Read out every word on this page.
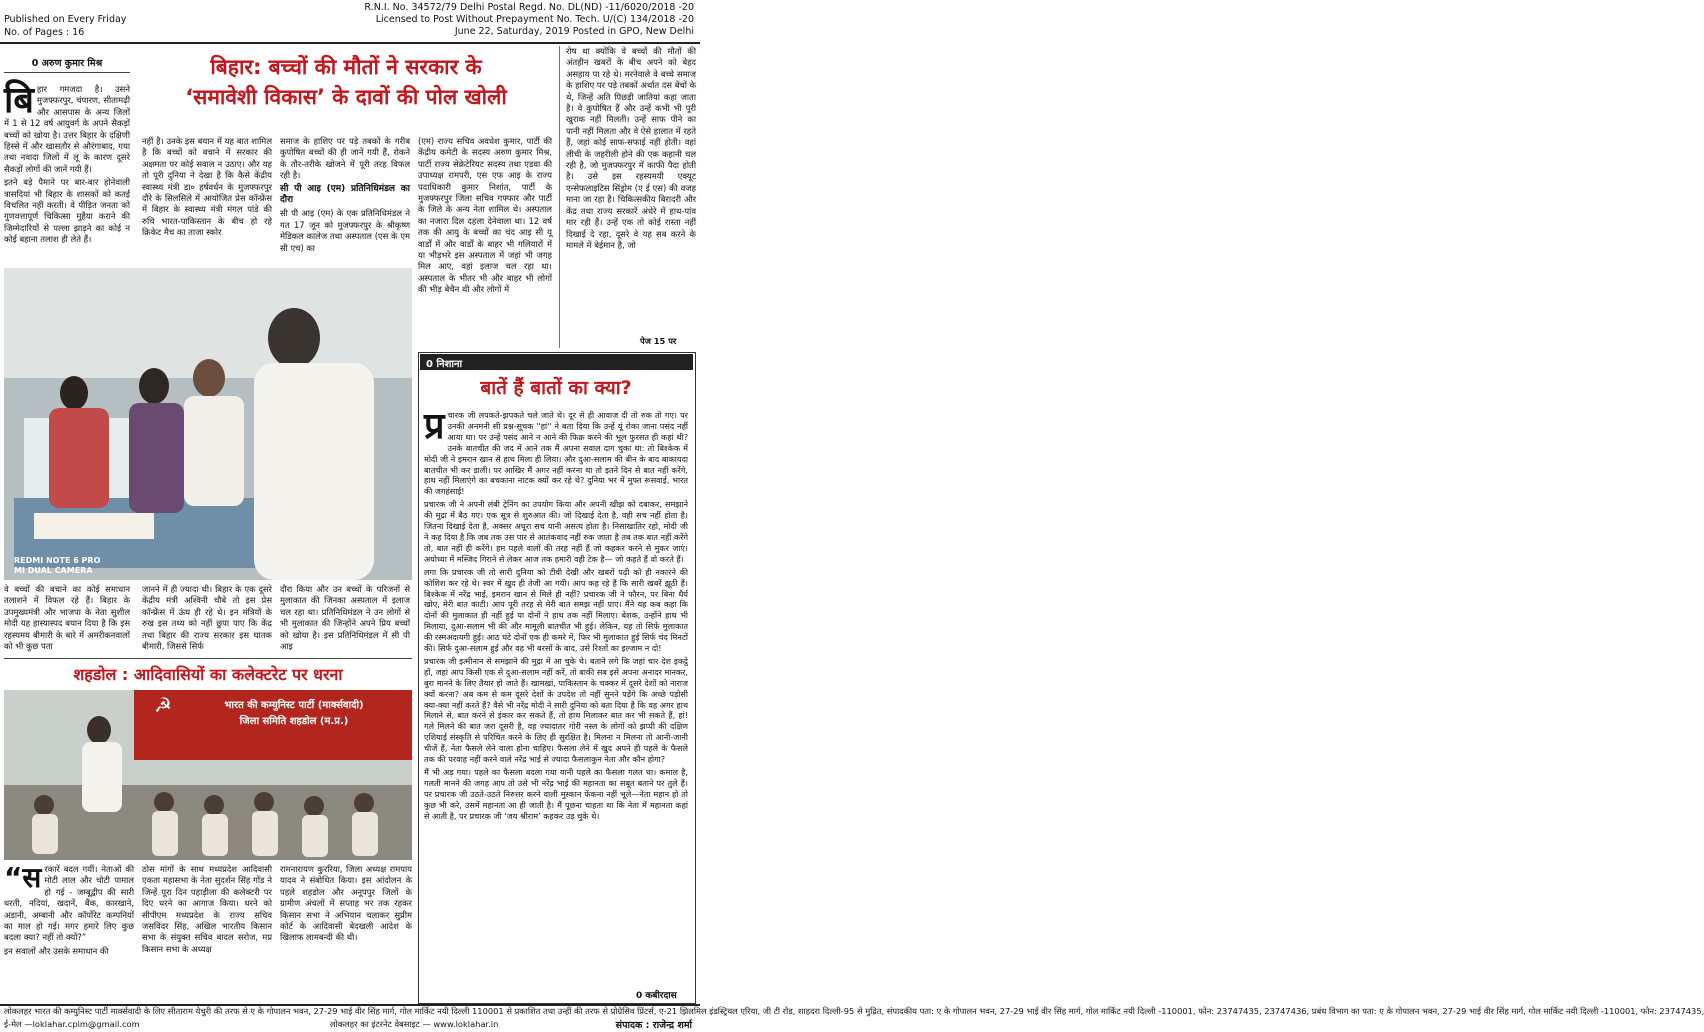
Published on Every Friday
No. of Pages : 16
R.N.I. No. 34572/79 Delhi Postal Regd. No. DL(ND) -11/6020/2018 -20
Licensed to Post Without Prepayment No. Tech. U/(C) 134/2018 -20
June 22, Saturday, 2019 Posted in GPO, New Delhi
0 अरुण कुमार मिश्र	बिहार: बच्चों की मौतों ने सरकार के
‘समावेशी विकास’ के दावों की पोल खोली
बि हार गमजदा है। उसने मुजफ्फरपुर, चंपारण, सीतामढ़ी और आसपास के अन्य जिलों में 1 से 12 वर्ष आयुवर्ग के अपने सैकड़ों बच्चों को खोया है। उत्तर बिहार के दक्षिणी हिस्से में और खासतौर से औरंगाबाद, गया तथा नवादा जिलों में लू के कारण दूसरे सैकड़ों लोगों की जानें गयी हैं।

इतने बड़े पैमाने पर बार-बार होनेवाली त्रासदियां भी बिहार के शासकों को कतई विचलित नहीं करती। वे पीड़ित जनता को गुणवत्तापूर्ण चिकित्सा मुहैया कराने की जिम्मेदारियों से पल्ला झाड़ने का कोई न कोई बहाना तलाश ही लेते हैं।

नहीं है। उनके इस बयान में यह बात शामिल है कि बच्चों को बचाने में सरकार की अक्षमता पर कोई सवाल न उठाए। और यह तो पूरी दुनिया ने देखा है कि कैसे केंद्रीय स्वास्थ्य मंत्री डा० हर्षवर्धन के मुजफ्फरपुर दौरे के सिलसिले में आयोजित प्रेस कॉन्फ्रेंस में बिहार के स्वास्थ्य मंत्री मंगल पांडे की रुचि भारत-पाकिस्तान के बीच हो रहे क्रिकेट मैच का ताजा स्कोर

समाज के हाशिए पर पड़े तबकों के गरीब कुपोषित बच्चों की ही जानें गयी हैं, रोकने के तौर-तरीके खोजने में पूरी तरह विफल रही है।

सी पी आइ (एम) प्रतिनिधिमंडल का दौरा

सी पी आइ (एम) के एक प्रतिनिधिमंडल ने गत 17 जून को मुजफ्फरपुर के श्रीकृष्ण मेडिकल कालेज तथा अस्पताल (एस के एम सी एच) का

(एम) राज्य सचिव अवधेश कुमार, पार्टी की केंद्रीय कमेटी के सदस्य अरुण कुमार मिश्र, पार्टी राज्य सेक्रेटेरियट सदस्य तथा एडवा की उपाध्यक्ष रामपरी, एस एफ आइ के राज्य पदाधिकारी कुमार निशांत, पार्टी के मुजफ्फरपुर जिला सचिव गफ्फार और पार्टी के जिले के अन्य नेता शामिल थे। अस्पताल का नजारा दिल दहला देनेवाला था। 12 वर्ष तक की आयु के बच्चों का चंद आइ सी यू वार्डों में और वार्डों के बाहर भी गलियारों में या भीड़भरे इस अस्पताल में जहां भी जगह मिल आए, वहां इलाज चल रहा था। अस्पताल के भीतर भी और बाहर भी लोगों की भीड़ बेचैन थी और लोगों में

रोष था क्योंकि वे बच्चों की मौतों की अंतहीन खबरों के बीच अपने को बेहद असहाय पा रहे थे। मरनेवाले वे बच्चे समाज के हाशिए पर पड़े तबकों अर्थात दस बेंचों के थे, जिन्हें अति पिछड़ी जातियां कहा जाता है। वे कुपोषित हैं और उन्हें कभी भी पूरी खुराक नहीं मिलती। उन्हें साफ पीने का पानी नहीं मिलता और वे ऐसे हालात में रहते हैं, जहां कोई साफ-सफाई नहीं होती। वहां लीची के जहरीली होने की एक कहानी चल रही है, जो मुजफ्फरपुर में काफी पैदा होती है। उसे इस रहस्यमयी एक्यूट एन्सेफलाइटिस सिंड्रोम (ए ई एस) की वजह माना जा रहा है। चिकित्सकीय बिरादरी और केंद्र तथा राज्य सरकारें अंधेरे में हाथ-पांव मार रही हैं। उन्हें एक तो कोई रास्ता नहीं दिखाई दे रहा, दूसरे वे यह सब करने के मामले में बेईमान है, जो

पेज 15 पर
REDMI NOTE 6 PRO
MI DUAL CAMERA

वे बच्चों की बचाने का कोई समाधान तलाशने में विफल रहे हैं। बिहार के उपमुख्यमंत्री और भाजपा के नेता सुशील मोदी यह हास्यास्पद बयान दिया है कि इस रहस्यमय बीमारी के बारे में अमरीकनवालों को भी कुछ पता

जानने में ही ज्यादा थी। बिहार के एक दूसरे केंद्रीय मंत्री अश्विनी चौबे तो इस प्रेस कॉन्फ्रेंस में ऊंघ ही रहे थे। इन मंत्रियों के रुख इस तथ्य को नहीं छुपा पाए कि केंद्र तथा बिहार की राज्य सरकार इस घातक बीमारी, जिससे सिर्फ

दौरा किया और उन बच्चों के परिजनों से मुलाकात की जिनका अस्पताल में इलाज चल रहा था। प्रतिनिधिमंडल ने उन लोगों से भी मुलाकात की जिन्होंने अपने प्रिय बच्चों को खोया है। इस प्रतिनिधिमंडल में सी पी आइ

शहडोल : आदिवासियों का कलेक्टरेट पर धरना
☭	भारत की कम्युनिस्ट पार्टी (मार्क्सवादी)
जिला समिति शहडोल (म.प्र.)
“स रकारें बदल गयीं। नेताओं की मोटी लाल और चोटी पामाल हो गई - जम्बूद्वीप की सारी धरती, नदियां, खदानें, बैंक, कारखाने, अडानी, अम्बानी और कॉर्पोरेट कम्पनियों का माल हो गई। मगर हमारे लिए कुछ बदला क्या? नहीं तो क्यों?”

इन सवालों और उसके समाधान की

ठोस मांगों के साथ मध्यप्रदेश आदिवासी एकता महासभा के नेता सुदर्शन सिंह गोंड ने जिन्हें पूरा दिन पहाड़ीला की कलेक्टरी पर दिए धरने का आगाज किया। धरने को सीपीएम मध्यप्रदेश के राज्य सचिव जसविंदर सिंह, अखिल भारतीय किसान सभा के संयुक्त सचिव बादल सरोज, मप्र किसान सभा के अध्यक्ष

रामनारायण कुररिया, जिला अध्यक्ष रामपाय यादव ने संबोधित किया। इस आंदोलन के पहले शहडोल और अनूपपुर जिलों के ग्रामीण अंचलों में सप्ताह भर तक रहकर किसान सभा ने अभियान चलाकर सुप्रीम कोर्ट के आदिवासी बेदखली आदेश के खिलाफ लामबन्दी की थी।

0 निशाना
बातें हैं बातों का क्या?
प्र चारक जी लपकते-झपकते चले जाते थे। दूर से ही आवाज दी तो रुक तो गए। पर उनकी अनमनी सी प्रश्न-सूचक ''हां'' ने बता दिया कि उन्हें यूं रोका जाना पसंद नहीं आया था। पर उन्हें पसंद आने न आने की फिक्र करने की भूल फुरसत ही कहां थी? उनके बातचीत की जद में आने तक मैं अपना सवाल दाग चुका था: तो बिश्केक में मोदी जी ने इमरान खान से हाथ मिला ही लिया। और दुआ-सलाम की बीन के बाद बाकायदा बातचीत भी कर डाली। पर आखिर मैं अगर नहीं करना था तो इतने दिन से बात नहीं करेंगे, हाथ नहीं मिलाएंगे का बचकाना नाटक क्यों कर रहे थे? दुनिया भर में मुफ्त रूसवाई, भारत की जगहंसाई!

प्रचारक जी ने अपनी लंबी ट्रेनिंग का उपयोग किया और अपनी खीझ को दबाकर, समझाने की मुद्रा में बैठ गए। एक सूत्र से शुरुआत की। जो दिखाई देता है, वही सच नहीं होता है। जितना दिखाई देता है, अक्सर अधूरा सच यानी असत्य होता है। निसाखातिर रहो, मोदी जी ने कह दिया है कि जब तक उस पार से आतंकवाद नहीं रुक जाता है तब तक बात नहीं करेंगे तो, बात नहीं ही करेंगे। हम पहले वालों की तरह नहीं हैं जो कहकर करने से मुकर जाएं। अयोध्या में मस्जिद गिराने से लेकर आज तक हमारी वही टेक है— जो कहते हैं वो करते हैं।

लगा कि प्रचारक जी तो सारी दुनिया को टीवी देखी और खबरों पढ़ी को ही नकारने की कोशिश कर रहे थे। स्वर में खुद ही तेजी आ गयी। आप कह रहे हैं कि सारी खबरें झूठी हैं। बिश्केक में नरेंद्र भाई, इमरान खान से मिले ही नहीं? प्रचारक जी ने फौरन, पर बिना धैर्य खोए, मेरी बात काटी। आप पूरी तरह से मेरी बात समझ नहीं पाए। मैंने यह कब कहा कि दोनों की मुलाकात ही नहीं हुई या दोनों ने हाथ तक नहीं मिलाए। बेशक, उन्होंने हाथ भी मिलाया, दुआ-सलाम भी की और मामूली बातचीत भी हुई। लेकिन, यह तो सिर्फ मुलाकात की रस्मअदायगी हुई। आठ घंटे दोनों एक ही कमरे में, फिर भी मुलाकात हुई सिर्फ चंद मिनटों की। सिर्फ दुआ-सलाम हुई और वह भी बरसों के बाद, उसे रिश्तों का इल्जाम न दो!

प्रचारक जी इत्मीनान से समझाने की मुद्रा में आ चुके थे। बताने लगे कि जहां चार देश इकट्ठे हों, जहां आप किसी एक से दुआ-सलाम नहीं करें, तो बाकी सब इसे अपना अनादर मानकर, बुरा मानने के लिए तैयार हो जाते हैं। खामखां, पाकिस्तान के चक्कर में दूसरे देशों को नाराज क्यों करना? अब कम से कम दूसरे देशों के उपदेश तो नहीं सुनने पड़ेंगे कि अच्छे पड़ोसी क्या-क्या नहीं करते हैं? वैसे भी नरेंद्र मोदी ने सारी दुनिया को बता दिया है कि वह अगर हाथ मिलाने से, बात करने से इंकार कर सकते हैं, तो हाथ मिलाकर बात कर भी सकते हैं, हां! गले मिलने की बात जरा दूसरी है, वह ज्यादातर गोरी नस्ल के लोगों को झप्पी की दक्षिण एशियाई संस्कृति से परिचित करने के लिए ही सुरक्षित है। मिलना न मिलना तो आनी-जानी चीजें हैं, नेता फैसले लेने वाला होना चाहिए। फैसला लेने में खुद अपने ही पहले के फैसले तक की परवाह नहीं करने वाले नरेंद्र भाई से ज्यादा फैसलाकुन नेता और कौन होगा?

मैं भी अड़ गया। पहले का फैसला बदला गया यानी पहले का फैसला गलत था। कमाल है, गलती मानने की जगह आप तो उसे भी नरेंद्र भाई की महानता का सबूत बताने पर तुले हैं। पर प्रचारक जी उठते-उठते निरुत्तर करने वाली मुस्कान फेंकना नहीं भूले—नेता महान हो तो कुछ भी करे, उसमें महानता आ ही जाती है। मैं पूछना चाहता था कि नेता में महानता कहां से आती है, पर प्रचारक जी ‘जय श्रीराम’ कहकर उड़ चुके थे।

0 कबीरदास
लोकलहर भारत की कम्युनिस्ट पार्टी मार्क्सवादी के लिए सीताराम येचुरी की तरफ से ए के गोपालन भवन, 27-29 भाई वीर सिंह मार्ग, गोल मार्किट नयी दिल्ली 110001 से प्रकाशित तथा उन्हीं की तरफ से प्रोग्रेसिव प्रिंटर्स, ए-21 झिलमिल इंडस्ट्रियल एरिया, जी टी रोड, शाहदरा दिल्ली-95 से मुद्रित, संपादकीय पता: ए के गोपालन भवन, 27-29 भाई वीर सिंह मार्ग, गोल मार्किट नयी दिल्ली -110001, फोन: 23747435, 23747436, प्रबंध विभाग का पता: ए के गोपालन भवन, 27-29 भाई वीर सिंह मार्ग, गोल मार्किट नयी दिल्ली -110001, फोन: 23747435,
ई-मेल —loklahar.cpim@gmail.com	लोकलहर का इंटरनेट वेबसाइट — www.loklahar.in	संपादक : राजेन्द्र शर्मा
